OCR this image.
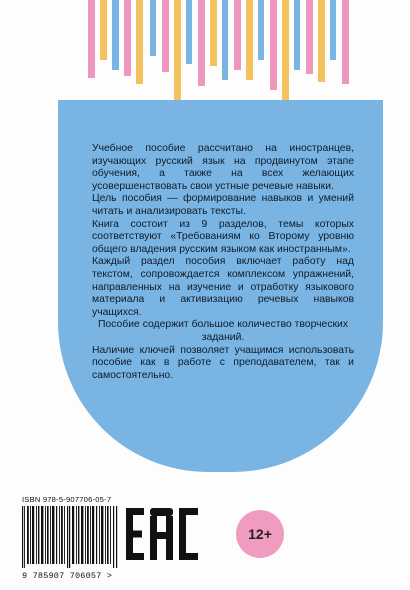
Учебное пособие рассчитано на иностранцев, изучающих русский язык на продвинутом этапе обучения, а также на всех желающих усовершенствовать свои устные речевые навыки.

Цель пособия — формирование навыков и умений читать и анализировать тексты.

Книга состоит из 9 разделов, темы которых соответствуют «Требованиям ко Второму уровню общего владения русским языком как иностранным».

Каждый раздел пособия включает работу над текстом, сопровождается комплексом упражнений, направленных на изучение и отработку языкового материала и активизацию речевых навыков учащихся.

Пособие содержит большое количество творческих заданий.

Наличие ключей позволяет учащимся использовать пособие как в работе с преподавателем, так и самостоятельно.

ISBN 978-5-907706-05-7
9 785907 706057 >
12+
